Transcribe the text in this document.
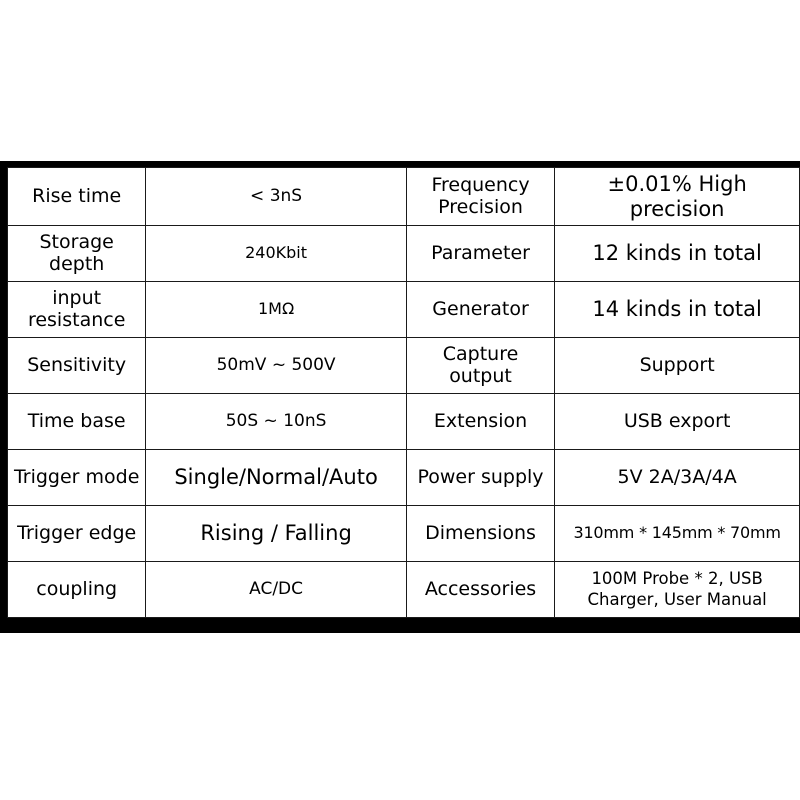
Rise time	< 3nS	Frequency Precision	±0.01% High precision

Storage depth	240Kbit	Parameter	12 kinds in total

input resistance	1MΩ	Generator	14 kinds in total

Sensitivity	50mV ~ 500V	Capture output	Support

Time base	50S ~ 10nS	Extension	USB export

Trigger mode	Single/Normal/Auto	Power supply	5V 2A/3A/4A

Trigger edge	Rising / Falling	Dimensions	310mm * 145mm * 70mm

coupling	AC/DC	Accessories	100M Probe * 2, USB Charger, User Manual
